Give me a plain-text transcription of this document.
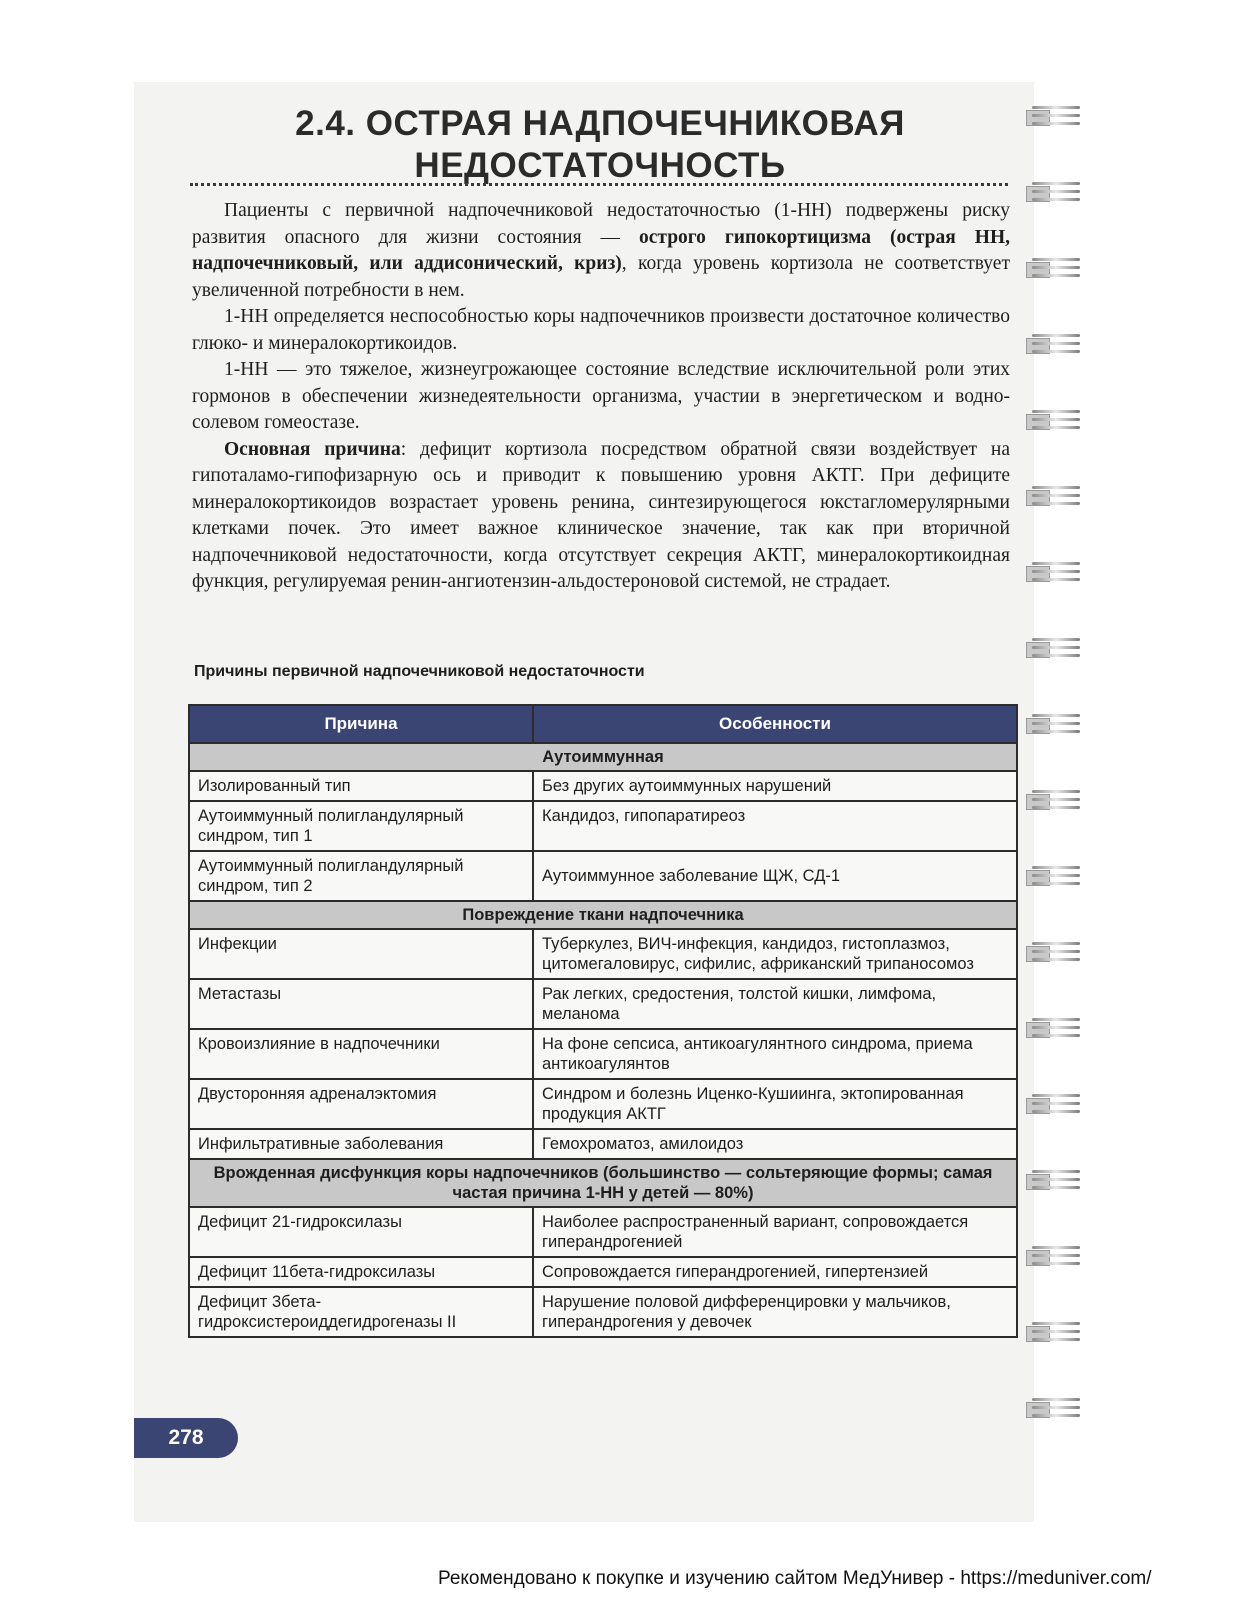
2.4. ОСТРАЯ НАДПОЧЕЧНИКОВАЯ
НЕДОСТАТОЧНОСТЬ

Пациенты с первичной надпочечниковой недостаточностью (1-НН) подвержены риску развития опасного для жизни состояния — острого гипокортицизма (острая НН, надпочечниковый, или аддисонический, криз), когда уровень кортизола не соответствует увеличенной потребности в нем.

1-НН определяется неспособностью коры надпочечников произвести достаточное количество глюко- и минералокортикоидов.

1-НН — это тяжелое, жизнеугрожающее состояние вследствие исключительной роли этих гормонов в обеспечении жизнедеятельности организма, участии в энергетическом и водно-солевом гомеостазе.

Основная причина: дефицит кортизола посредством обратной связи воздействует на гипоталамо-гипофизарную ось и приводит к повышению уровня АКТГ. При дефиците минералокортикоидов возрастает уровень ренина, синтезирующегося юкстагломерулярными клетками почек. Это имеет важное клиническое значение, так как при вторичной надпочечниковой недостаточности, когда отсутствует секреция АКТГ, минералокортикоидная функция, регулируемая ренин-ангиотензин-альдостероновой системой, не страдает.

Причины первичной надпочечниковой недостаточности
Причина	Особенности
Аутоиммунная	
Изолированный тип	Без других аутоиммунных нарушений
Аутоиммунный полигландулярный синдром, тип 1	Кандидоз, гипопаратиреоз
Аутоиммунный полигландулярный синдром, тип 2	Аутоиммунное заболевание ЩЖ, СД-1
Повреждение ткани надпочечника	
Инфекции	Туберкулез, ВИЧ-инфекция, кандидоз, гистоплазмоз, цитомегаловирус, сифилис, африканский трипаносомоз
Метастазы	Рак легких, средостения, толстой кишки, лимфома, меланома
Кровоизлияние в надпочечники	На фоне сепсиса, антикоагулянтного синдрома, приема антикоагулянтов
Двусторонняя адреналэктомия	Синдром и болезнь Иценко-Кушиинга, эктопированная продукция АКТГ
Инфильтративные заболевания	Гемохроматоз, амилоидоз
Врожденная дисфункция коры надпочечников (большинство — сольтеряющие формы; самая частая причина 1-НН у детей — 80%)	
Дефицит 21-гидроксилазы	Наиболее распространенный вариант, сопровождается гиперандрогенией
Дефицит 11бета-гидроксилазы	Сопровождается гиперандрогенией, гипертензией
Дефицит 3бета-гидроксистероиддегидрогеназы II	Нарушение половой дифференцировки у мальчиков, гиперандрогения у девочек
278
Рекомендовано к покупке и изучению сайтом МедУнивер - https://meduniver.com/
